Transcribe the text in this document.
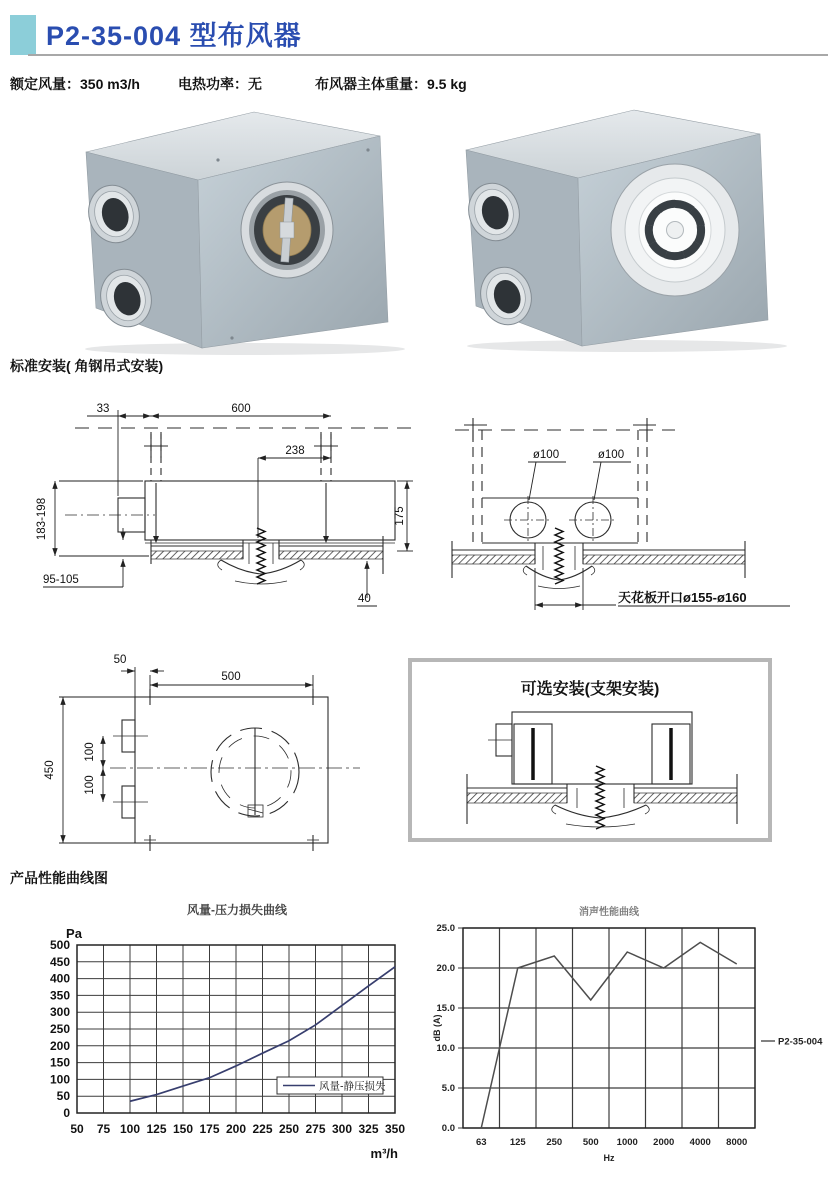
P2-35-004 型布风器
额定风量：350 m3/h	电热功率：无	布风器主体重量：9.5 kg
标准安装( 角钢吊式安装)
33	600
238
175
183-198
95-105
40
ø100	ø100
天花板开口ø155-ø160
50
500
450
100
100
可选安装(支架安装)
产品性能曲线图
50 75 100 125 150 175 200 225 250 275 300 325 350
0
50
100
150
200
250
300
350
400
450
500
风量-压力损失曲线
Pa
m³/h
风量-静压损失
0.0
5.0
10.0
15.0
20.0
25.0
63 125 250 500 1000 2000 4000 8000
消声性能曲线
dB (A)
Hz
P2-35-004
